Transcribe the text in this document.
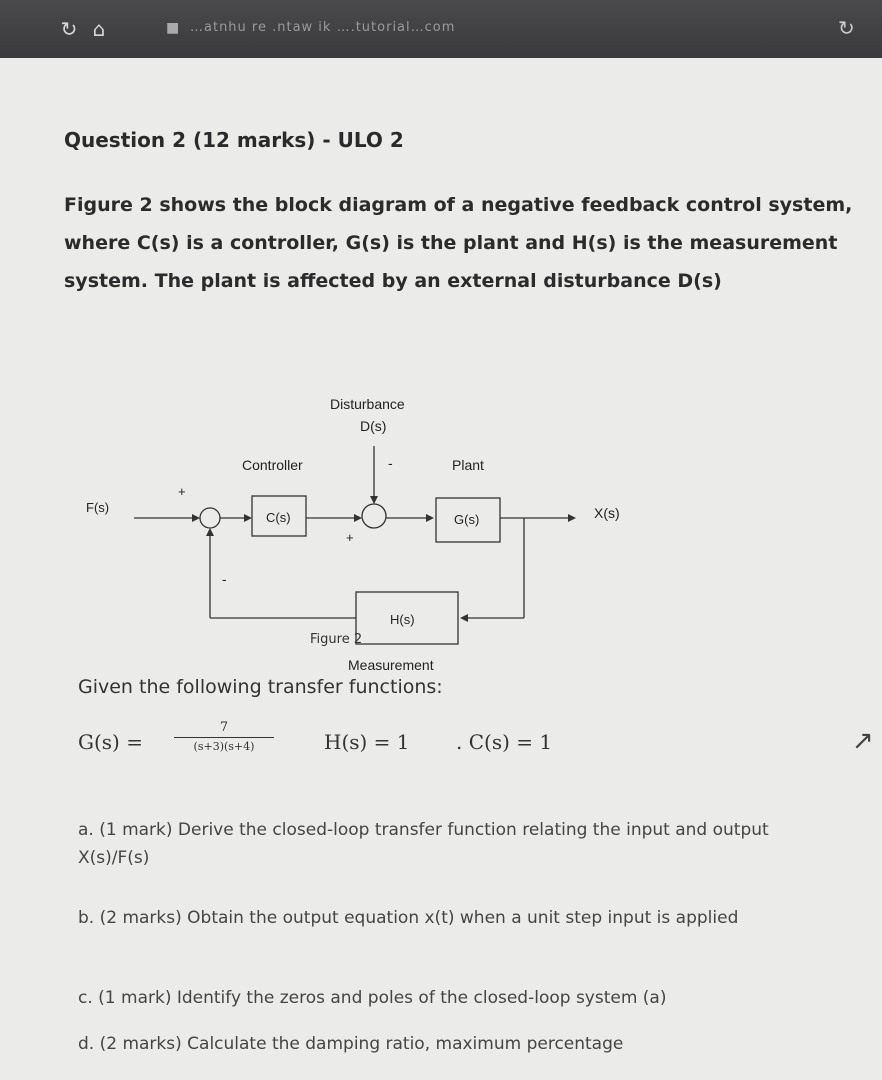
↻ ⌂	■ …atnhu re .ntaw ik ….tutorial…com	↻
Question 2 (12 marks) - ULO 2
Figure 2 shows the block diagram of a negative feedback control system,
where C(s) is a controller, G(s) is the plant and H(s) is the measurement
system. The plant is affected by an external disturbance D(s)
Disturbance
D(s)
Controller	Plant
F(s)	X(s)
C(s)	G(s)
H(s)
Measurement
+
-
-
+
Figure 2
Given the following transfer functions:
G(s) =
7
(s+3)(s+4)	H(s) = 1 . C(s) = 1
a. (1 mark) Derive the closed-loop transfer function relating the input and output X(s)/F(s)
b. (2 marks) Obtain the output equation x(t) when a unit step input is applied
c. (1 mark) Identify the zeros and poles of the closed-loop system (a)
d. (2 marks) Calculate the damping ratio, maximum percentage
↗
